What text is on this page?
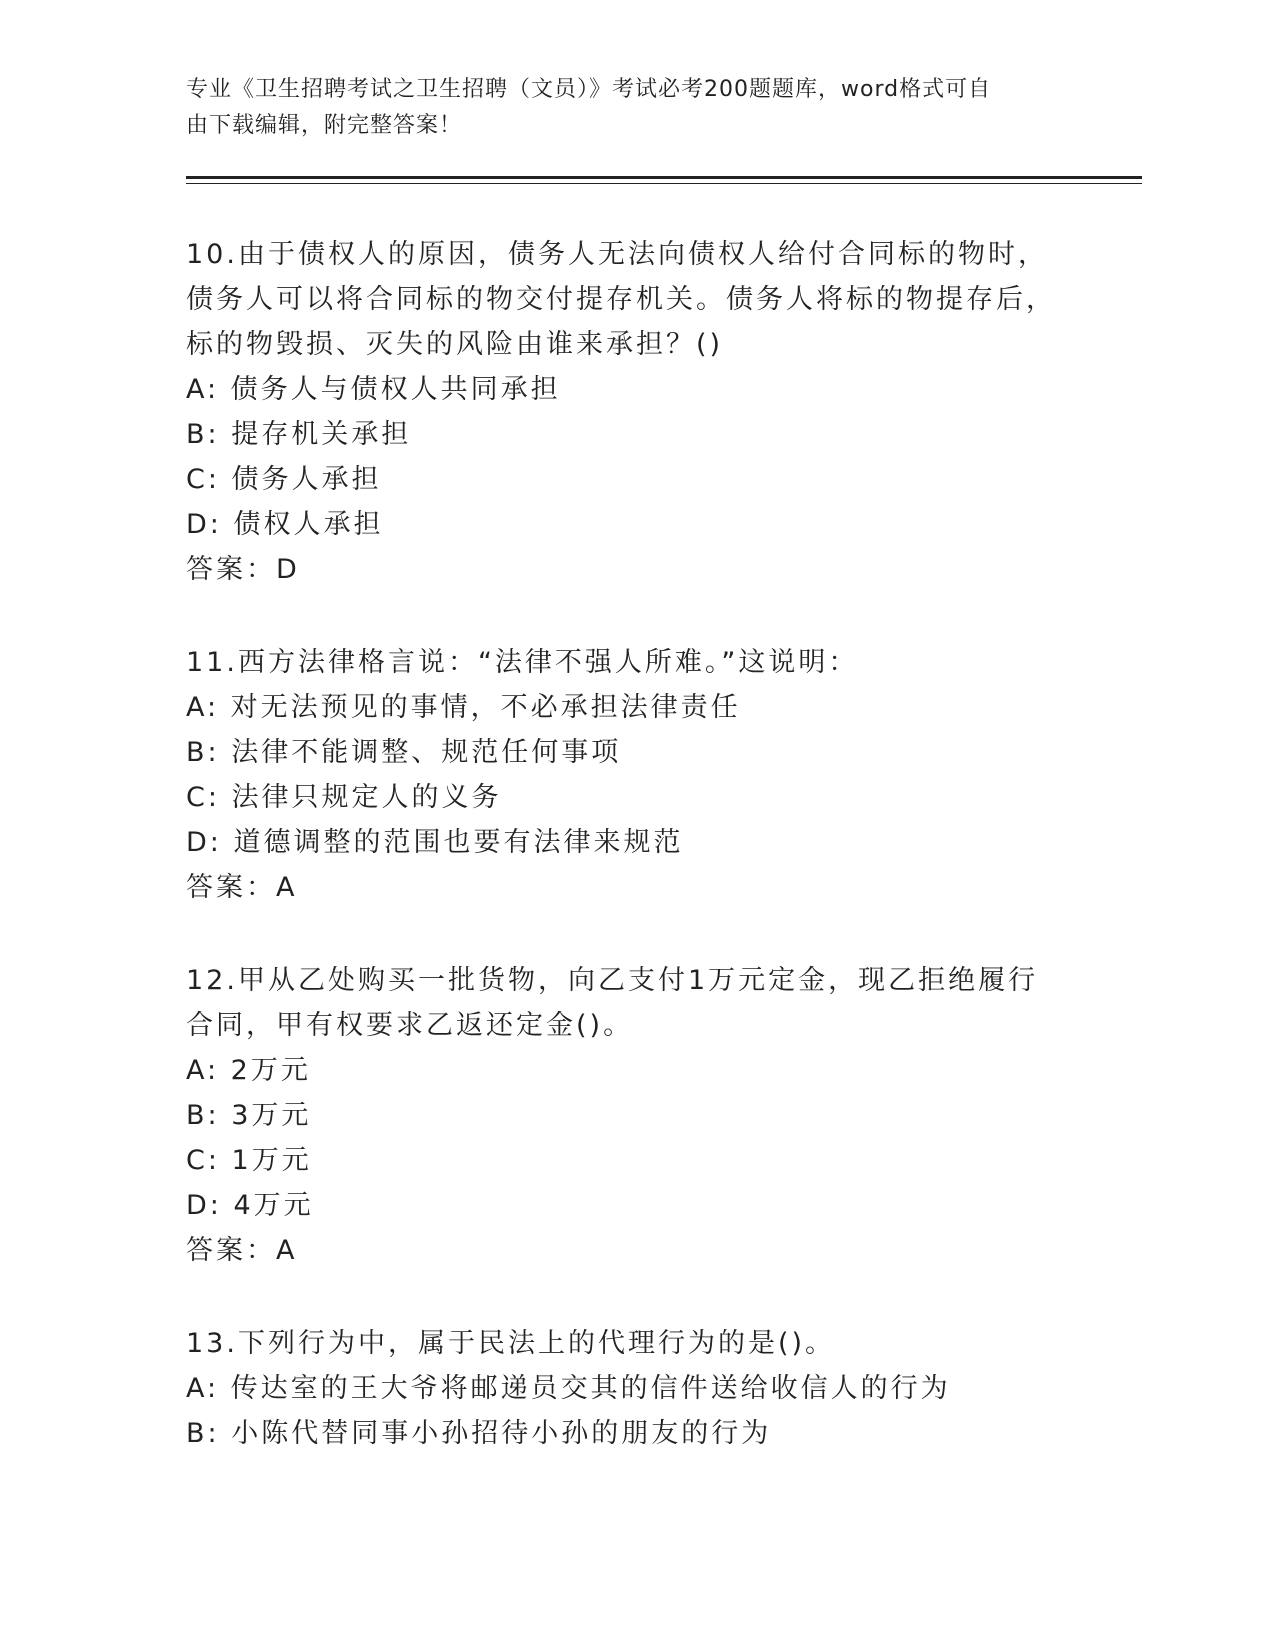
专业《卫生招聘考试之卫生招聘（文员）》考试必考200题题库，word格式可自
由下载编辑，附完整答案！

10.由于债权人的原因，债务人无法向债权人给付合同标的物时，债务人可以将合同标的物交付提存机关。债务人将标的物提存后，标的物毁损、灭失的风险由谁来承担？()

A: 债务人与债权人共同承担

B: 提存机关承担

C: 债务人承担

D: 债权人承担

答案：D

11.西方法律格言说：“法律不强人所难。”这说明：

A: 对无法预见的事情，不必承担法律责任

B: 法律不能调整、规范任何事项

C: 法律只规定人的义务

D: 道德调整的范围也要有法律来规范

答案：A

12.甲从乙处购买一批货物，向乙支付1万元定金，现乙拒绝履行合同，甲有权要求乙返还定金()。

A: 2万元

B: 3万元

C: 1万元

D: 4万元

答案：A

13.下列行为中，属于民法上的代理行为的是()。

A: 传达室的王大爷将邮递员交其的信件送给收信人的行为

B: 小陈代替同事小孙招待小孙的朋友的行为
